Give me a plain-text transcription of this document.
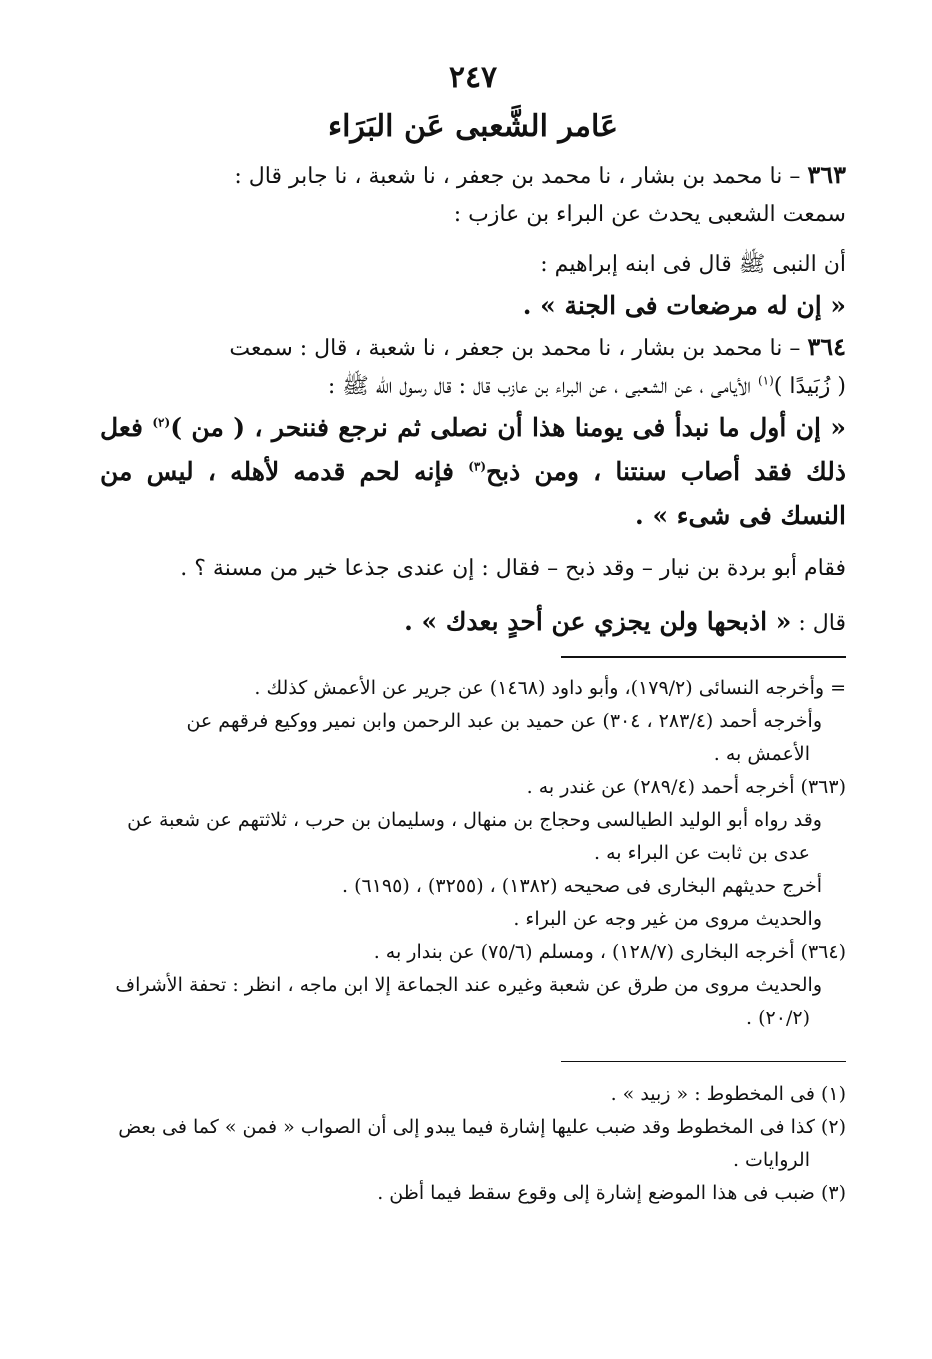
٢٤٧
عَامر الشَّعبى عَن البَرَاء
٣٦٣ – نا محمد بن بشار ، نا محمد بن جعفر ، نا شعبة ، نا جابر قال :
سمعت الشعبى يحدث عن البراء بن عازب :
أن النبى ﷺ قال فى ابنه إبراهيم :
« إن له مرضعات فى الجنة » .
٣٦٤ – نا محمد بن بشار ، نا محمد بن جعفر ، نا شعبة ، قال : سمعت
( زُبَيدًا )$^{(١)}$ الأيامى ، عن الشعبى ، عن البراء بن عازب قال : قال رسول الله ﷺ :
« إن أول ما نبدأ فى يومنا هذا أن نصلى ثم نرجع فننحر ، ( من )$^{(٢)}$ فعل ذلك فقد أصاب سنتنا ، ومن ذبح$^{(٣)}$ فإنه لحم قدمه لأهله ، ليس من النسك فى شىء » .
فقام أبو بردة بن نيار – وقد ذبح – فقال : إن عندى جذعا خير من مسنة ؟ .
قال : « اذبحها ولن يجزي عن أحدٍ بعدك » .
= وأخرجه النسائى (١٧٩/٢)، وأبو داود (١٤٦٨) عن جرير عن الأعمش كذلك .
وأخرجه أحمد (٢٨٣/٤ ، ٣٠٤) عن حميد بن عبد الرحمن وابن نمير ووكيع فرقهم عن
الأعمش به .
(٣٦٣) أخرجه أحمد (٢٨٩/٤) عن غندر به .
وقد رواه أبو الوليد الطيالسى وحجاج بن منهال ، وسليمان بن حرب ، ثلاثتهم عن شعبة عن
عدى بن ثابت عن البراء به .
أخرج حديثهم البخارى فى صحيحه (١٣٨٢) ، (٣٢٥٥) ، (٦١٩٥) .
والحديث مروى من غير وجه عن البراء .
(٣٦٤) أخرجه البخارى (١٢٨/٧) ، ومسلم (٧٥/٦) عن بندار به .
والحديث مروى من طرق عن شعبة وغيره عند الجماعة إلا ابن ماجه ، انظر : تحفة الأشراف
(٢٠/٢) .
(١) فى المخطوط : « زبيد » .
(٢) كذا فى المخطوط وقد ضبب عليها إشارة فيما يبدو إلى أن الصواب « فمن » كما فى بعض
الروايات .
(٣) ضبب فى هذا الموضع إشارة إلى وقوع سقط فيما أظن .
